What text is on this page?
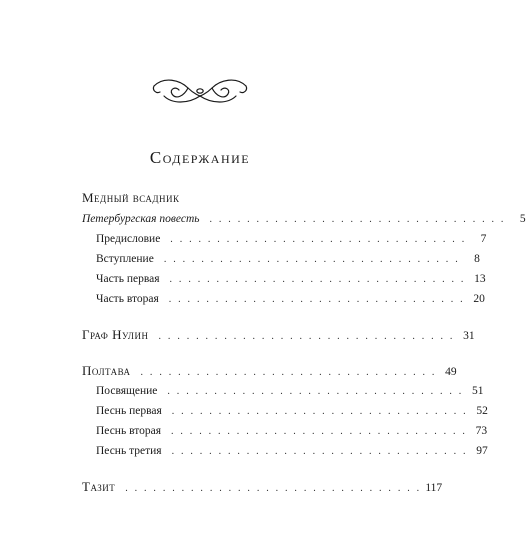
Содержание
Медный всадник
Петербургская повесть . . . . . . . . . . . . . . . . . . . . . . . . . . . . . . . .	5
Предисловие . . . . . . . . . . . . . . . . . . . . . . . . . . . . . . . .	7
Вступление . . . . . . . . . . . . . . . . . . . . . . . . . . . . . . . .	8
Часть первая . . . . . . . . . . . . . . . . . . . . . . . . . . . . . . . . 13
Часть вторая . . . . . . . . . . . . . . . . . . . . . . . . . . . . . . . . 20
Граф Нулин . . . . . . . . . . . . . . . . . . . . . . . . . . . . . . . . 31
Полтава . . . . . . . . . . . . . . . . . . . . . . . . . . . . . . . . 49
Посвящение . . . . . . . . . . . . . . . . . . . . . . . . . . . . . . . . 51
Песнь первая . . . . . . . . . . . . . . . . . . . . . . . . . . . . . . . . 52
Песнь вторая . . . . . . . . . . . . . . . . . . . . . . . . . . . . . . . . 73
Песнь третия . . . . . . . . . . . . . . . . . . . . . . . . . . . . . . . . 97
Тазит . . . . . . . . . . . . . . . . . . . . . . . . . . . . . . . . 117
